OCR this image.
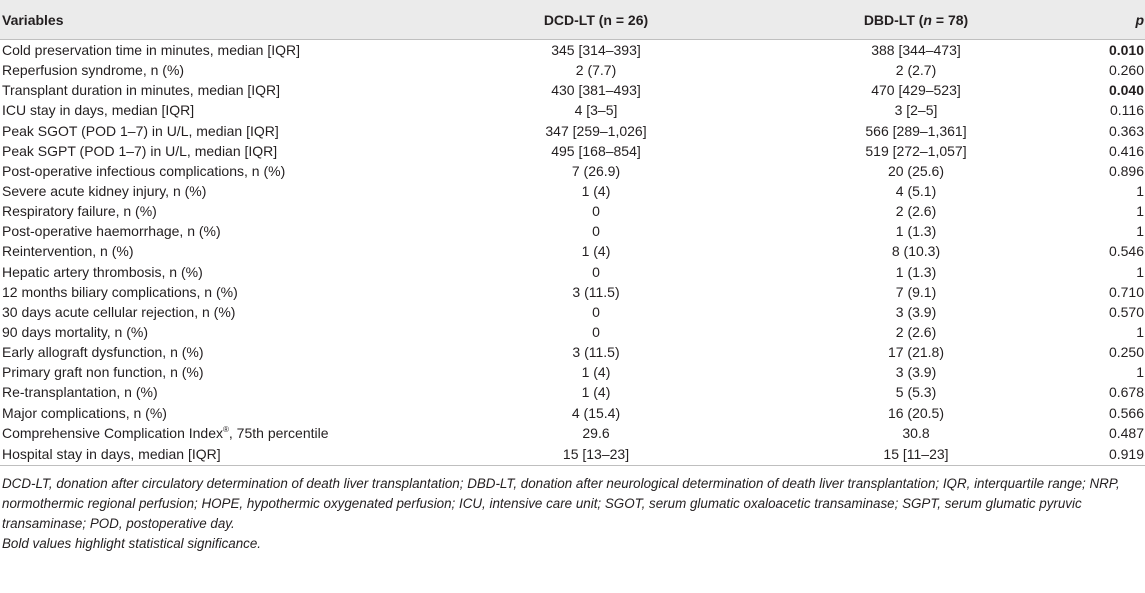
Variables	DCD-LT (n = 26)	DBD-LT (n = 78)	p
Cold preservation time in minutes, median [IQR]	345 [314–393]	388 [344–473]	0.010
Reperfusion syndrome, n (%)	2 (7.7)	2 (2.7)	0.260
Transplant duration in minutes, median [IQR]	430 [381–493]	470 [429–523]	0.040
ICU stay in days, median [IQR]	4 [3–5]	3 [2–5]	0.116
Peak SGOT (POD 1–7) in U/L, median [IQR]	347 [259–1,026]	566 [289–1,361]	0.363
Peak SGPT (POD 1–7) in U/L, median [IQR]	495 [168–854]	519 [272–1,057]	0.416
Post-operative infectious complications, n (%)	7 (26.9)	20 (25.6)	0.896
Severe acute kidney injury, n (%)	1 (4)	4 (5.1)	1
Respiratory failure, n (%)	0	2 (2.6)	1
Post-operative haemorrhage, n (%)	0	1 (1.3)	1
Reintervention, n (%)	1 (4)	8 (10.3)	0.546
Hepatic artery thrombosis, n (%)	0	1 (1.3)	1
12 months biliary complications, n (%)	3 (11.5)	7 (9.1)	0.710
30 days acute cellular rejection, n (%)	0	3 (3.9)	0.570
90 days mortality, n (%)	0	2 (2.6)	1
Early allograft dysfunction, n (%)	3 (11.5)	17 (21.8)	0.250
Primary graft non function, n (%)	1 (4)	3 (3.9)	1
Re-transplantation, n (%)	1 (4)	5 (5.3)	0.678
Major complications, n (%)	4 (15.4)	16 (20.5)	0.566
Comprehensive Complication Index®, 75th percentile	29.6	30.8	0.487
Hospital stay in days, median [IQR]	15 [13–23]	15 [11–23]	0.919
DCD-LT, donation after circulatory determination of death liver transplantation; DBD-LT, donation after neurological determination of death liver transplantation; IQR, interquartile range; NRP, normothermic regional perfusion; HOPE, hypothermic oxygenated perfusion; ICU, intensive care unit; SGOT, serum glumatic oxaloacetic transaminase; SGPT, serum glumatic pyruvic transaminase; POD, postoperative day.
Bold values highlight statistical significance.
